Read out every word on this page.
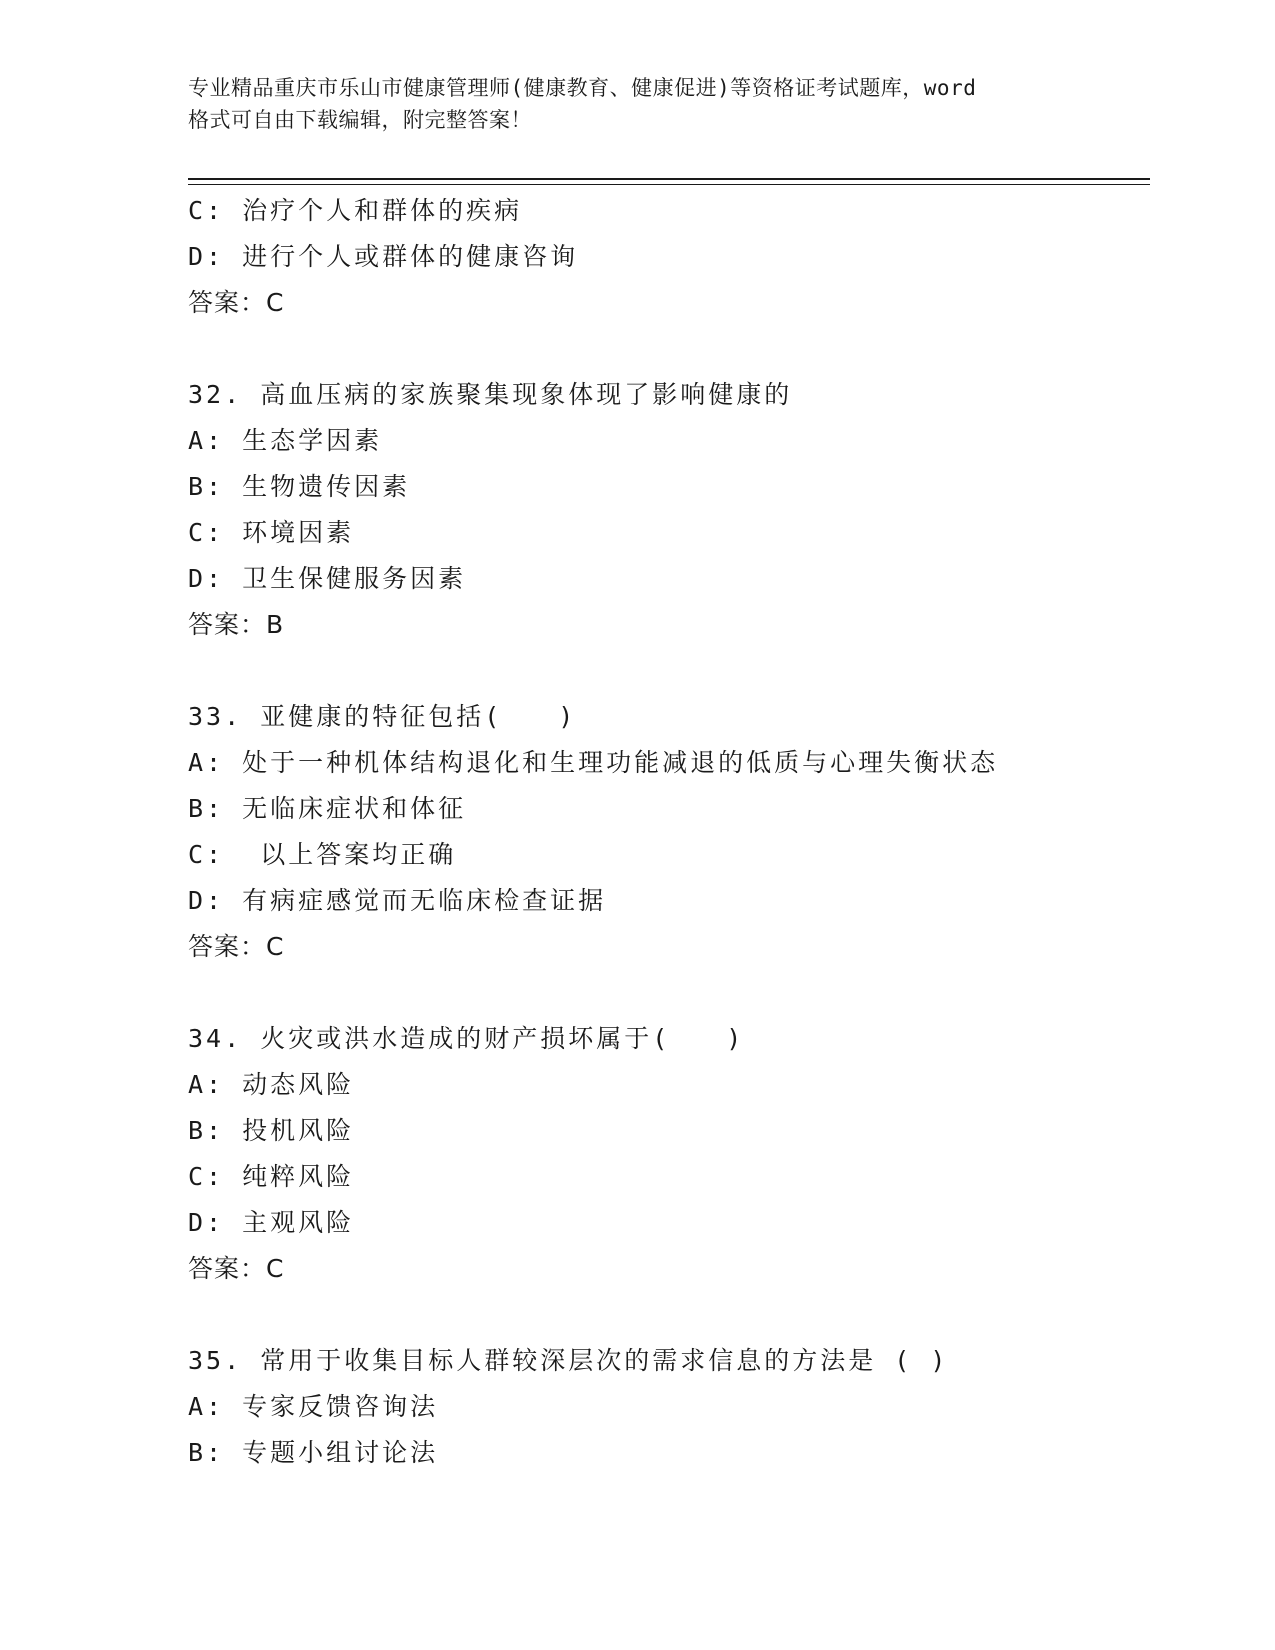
专业精品重庆市乐山市健康管理师(健康教育、健康促进)等资格证考试题库，word
格式可自由下载编辑，附完整答案！
C: 治疗个人和群体的疾病
D: 进行个人或群体的健康咨询
答案：C
32. 高血压病的家族聚集现象体现了影响健康的
A: 生态学因素
B: 生物遗传因素
C: 环境因素
D: 卫生保健服务因素
答案：B
33. 亚健康的特征包括(　　)
A: 处于一种机体结构退化和生理功能减退的低质与心理失衡状态
B: 无临床症状和体征
C:  以上答案均正确
D: 有病症感觉而无临床检查证据
答案：C
34. 火灾或洪水造成的财产损坏属于(　　)
A: 动态风险
B: 投机风险
C: 纯粹风险
D: 主观风险
答案：C
35. 常用于收集目标人群较深层次的需求信息的方法是 ( )
A: 专家反馈咨询法
B: 专题小组讨论法
